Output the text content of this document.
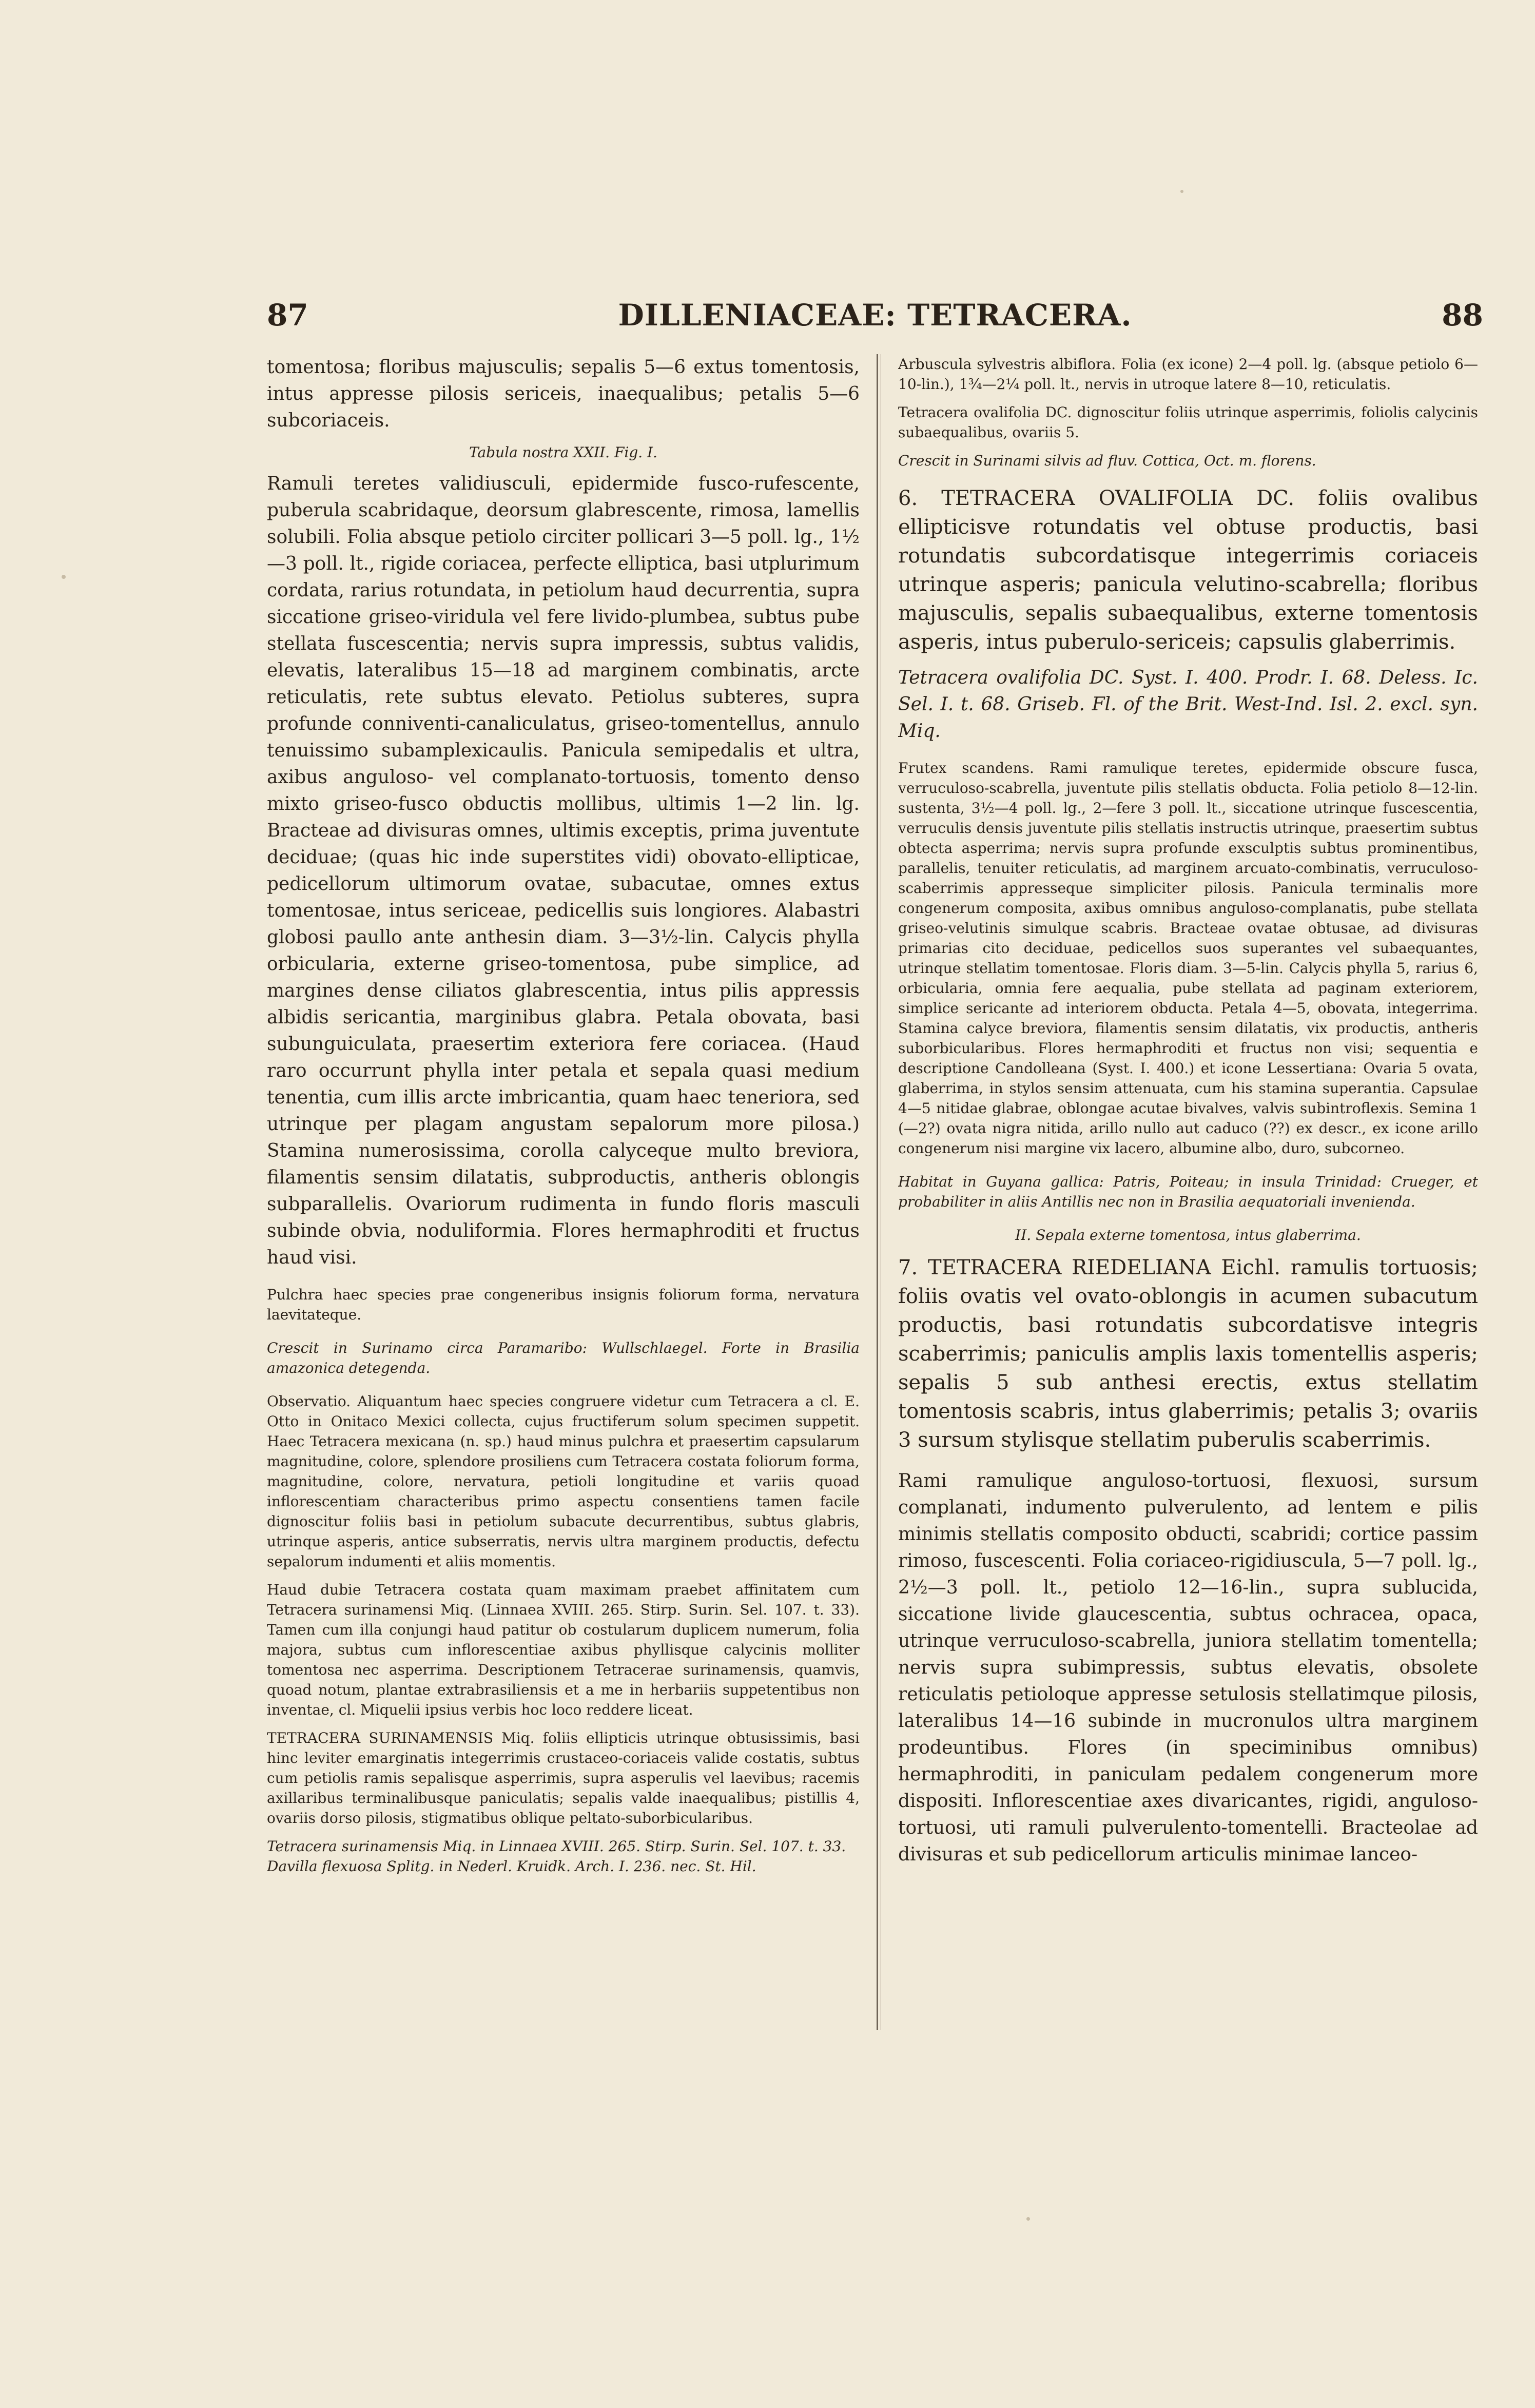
87	DILLENIACEAE: TETRACERA.	88

tomentosa; floribus majusculis; sepalis 5—6 extus tomentosis, intus appresse pilosis sericeis, inaequalibus; petalis 5—6 subcoriaceis.

Tabula nostra XXII. Fig. I.

Ramuli teretes validiusculi, epidermide fusco-rufescente, puberula scabridaque, deorsum glabrescente, rimosa, lamellis solubili. Folia absque petiolo circiter pollicari 3—5 poll. lg., 1½—3 poll. lt., rigide coriacea, perfecte elliptica, basi utplurimum cordata, rarius rotundata, in petiolum haud decurrentia, supra siccatione griseo-viridula vel fere livido-plumbea, subtus pube stellata fuscescentia; nervis supra impressis, subtus validis, elevatis, lateralibus 15—18 ad marginem combinatis, arcte reticulatis, rete subtus elevato. Petiolus subteres, supra profunde conniventi-canaliculatus, griseo-tomentellus, annulo tenuissimo subamplexicaulis. Panicula semipedalis et ultra, axibus anguloso- vel complanato-tortuosis, tomento denso mixto griseo-fusco obductis mollibus, ultimis 1—2 lin. lg. Bracteae ad divisuras omnes, ultimis exceptis, prima juventute deciduae; (quas hic inde superstites vidi) obovato-ellipticae, pedicellorum ultimorum ovatae, subacutae, omnes extus tomentosae, intus sericeae, pedicellis suis longiores. Alabastri globosi paullo ante anthesin diam. 3—3½-lin. Calycis phylla orbicularia, externe griseo-tomentosa, pube simplice, ad margines dense ciliatos glabrescentia, intus pilis appressis albidis sericantia, marginibus glabra. Petala obovata, basi subunguiculata, praesertim exteriora fere coriacea. (Haud raro occurrunt phylla inter petala et sepala quasi medium tenentia, cum illis arcte imbricantia, quam haec teneriora, sed utrinque per plagam angustam sepalorum more pilosa.) Stamina numerosissima, corolla calyceque multo breviora, filamentis sensim dilatatis, subproductis, antheris oblongis subparallelis. Ovariorum rudimenta in fundo floris masculi subinde obvia, noduliformia. Flores hermaphroditi et fructus haud visi.

Pulchra haec species prae congeneribus insignis foliorum forma, nervatura laevitateque.

Crescit in Surinamo circa Paramaribo: Wullschlaegel. Forte in Brasilia amazonica detegenda.

Observatio. Aliquantum haec species congruere videtur cum Tetracera a cl. E. Otto in Onitaco Mexici collecta, cujus fructiferum solum specimen suppetit. Haec Tetracera mexicana (n. sp.) haud minus pulchra et praesertim capsularum magnitudine, colore, splendore prosiliens cum Tetracera costata foliorum forma, magnitudine, colore, nervatura, petioli longitudine et variis quoad inflorescentiam characteribus primo aspectu consentiens tamen facile dignoscitur foliis basi in petiolum subacute decurrentibus, subtus glabris, utrinque asperis, antice subserratis, nervis ultra marginem productis, defectu sepalorum indumenti et aliis momentis.

Haud dubie Tetracera costata quam maximam praebet affinitatem cum Tetracera surinamensi Miq. (Linnaea XVIII. 265. Stirp. Surin. Sel. 107. t. 33). Tamen cum illa conjungi haud patitur ob costularum duplicem numerum, folia majora, subtus cum inflorescentiae axibus phyllisque calycinis molliter tomentosa nec asperrima. Descriptionem Tetracerae surinamensis, quamvis, quoad notum, plantae extrabrasiliensis et a me in herbariis suppetentibus non inventae, cl. Miquelii ipsius verbis hoc loco reddere liceat.

TETRACERA SURINAMENSIS Miq. foliis ellipticis utrinque obtusissimis, basi hinc leviter emarginatis integerrimis crustaceo-coriaceis valide costatis, subtus cum petiolis ramis sepalisque asperrimis, supra asperulis vel laevibus; racemis axillaribus terminalibusque paniculatis; sepalis valde inaequalibus; pistillis 4, ovariis dorso pilosis, stigmatibus oblique peltato-suborbicularibus.

Tetracera surinamensis Miq. in Linnaea XVIII. 265. Stirp. Surin. Sel. 107. t. 33.

Davilla flexuosa Splitg. in Nederl. Kruidk. Arch. I. 236. nec. St. Hil.

Arbuscula sylvestris albiflora. Folia (ex icone) 2—4 poll. lg. (absque petiolo 6—10-lin.), 1¾—2¼ poll. lt., nervis in utroque latere 8—10, reticulatis.

Tetracera ovalifolia DC. dignoscitur foliis utrinque asperrimis, foliolis calycinis subaequalibus, ovariis 5.

Crescit in Surinami silvis ad fluv. Cottica, Oct. m. florens.

6. TETRACERA OVALIFOLIA DC. foliis ovalibus ellipticisve rotundatis vel obtuse productis, basi rotundatis subcordatisque integerrimis coriaceis utrinque asperis; panicula velutino-scabrella; floribus majusculis, sepalis subaequalibus, externe tomentosis asperis, intus puberulo-sericeis; capsulis glaberrimis.

Tetracera ovalifolia DC. Syst. I. 400. Prodr. I. 68. Deless. Ic. Sel. I. t. 68. Griseb. Fl. of the Brit. West-Ind. Isl. 2. excl. syn. Miq.

Frutex scandens. Rami ramulique teretes, epidermide obscure fusca, verruculoso-scabrella, juventute pilis stellatis obducta. Folia petiolo 8—12-lin. sustenta, 3½—4 poll. lg., 2—fere 3 poll. lt., siccatione utrinque fuscescentia, verruculis densis juventute pilis stellatis instructis utrinque, praesertim subtus obtecta asperrima; nervis supra profunde exsculptis subtus prominentibus, parallelis, tenuiter reticulatis, ad marginem arcuato-combinatis, verruculoso-scaberrimis appresseque simpliciter pilosis. Panicula terminalis more congenerum composita, axibus omnibus anguloso-complanatis, pube stellata griseo-velutinis simulque scabris. Bracteae ovatae obtusae, ad divisuras primarias cito deciduae, pedicellos suos superantes vel subaequantes, utrinque stellatim tomentosae. Floris diam. 3—5-lin. Calycis phylla 5, rarius 6, orbicularia, omnia fere aequalia, pube stellata ad paginam exteriorem, simplice sericante ad interiorem obducta. Petala 4—5, obovata, integerrima. Stamina calyce breviora, filamentis sensim dilatatis, vix productis, antheris suborbicularibus. Flores hermaphroditi et fructus non visi; sequentia e descriptione Candolleana (Syst. I. 400.) et icone Lessertiana: Ovaria 5 ovata, glaberrima, in stylos sensim attenuata, cum his stamina superantia. Capsulae 4—5 nitidae glabrae, oblongae acutae bivalves, valvis subintroflexis. Semina 1 (—2?) ovata nigra nitida, arillo nullo aut caduco (??) ex descr., ex icone arillo congenerum nisi margine vix lacero, albumine albo, duro, subcorneo.

Habitat in Guyana gallica: Patris, Poiteau; in insula Trinidad: Crueger, et probabiliter in aliis Antillis nec non in Brasilia aequatoriali inveniendа.

II. Sepala externe tomentosa, intus glaberrima.

7. TETRACERA RIEDELIANA Eichl. ramulis tortuosis; foliis ovatis vel ovato-oblongis in acumen subacutum productis, basi rotundatis subcordatisve integris scaberrimis; paniculis amplis laxis tomentellis asperis; sepalis 5 sub anthesi erectis, extus stellatim tomentosis scabris, intus glaberrimis; petalis 3; ovariis 3 sursum stylisque stellatim puberulis scaberrimis.

Rami ramulique anguloso-tortuosi, flexuosi, sursum complanati, indumento pulverulento, ad lentem e pilis minimis stellatis composito obducti, scabridi; cortice passim rimoso, fuscescenti. Folia coriaceo-rigidiuscula, 5—7 poll. lg., 2½—3 poll. lt., petiolo 12—16-lin., supra sublucida, siccatione livide glaucescentia, subtus ochracea, opaca, utrinque verruculoso-scabrella, juniora stellatim tomentella; nervis supra subimpressis, subtus elevatis, obsolete reticulatis petioloque appresse setulosis stellatimque pilosis, lateralibus 14—16 subinde in mucronulos ultra marginem prodeuntibus. Flores (in speciminibus omnibus) hermaphroditi, in paniculam pedalem congenerum more dispositi. Inflorescentiae axes divaricantes, rigidi, anguloso-tortuosi, uti ramuli pulverulento-tomentelli. Bracteolae ad divisuras et sub pedicellorum articulis minimae lanceo-
